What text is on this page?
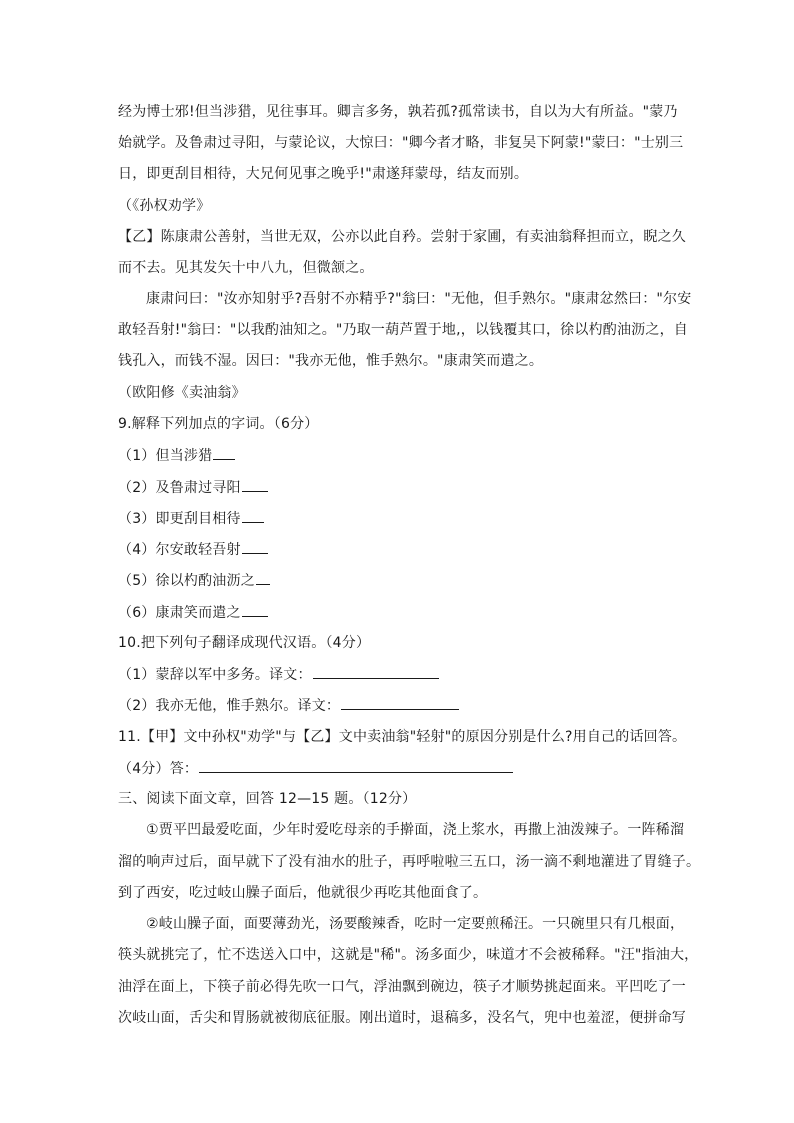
经为博士邪!但当涉猎，见往事耳。卿言多务，孰若孤?孤常读书，自以为大有所益。"蒙乃
始就学。及鲁肃过寻阳，与蒙论议，大惊曰："卿今者才略，非复吴下阿蒙!"蒙曰："士别三
日，即更刮目相待，大兄何见事之晚乎!"肃遂拜蒙母，结友而别。
（《孙权劝学》
【乙】陈康肃公善射，当世无双，公亦以此自矜。尝射于家圃，有卖油翁释担而立，睨之久
而不去。见其发矢十中八九，但微颔之。
康肃问曰："汝亦知射乎?吾射不亦精乎?"翁曰："无他，但手熟尔。"康肃忿然曰："尔安
敢轻吾射!"翁曰："以我酌油知之。"乃取一葫芦置于地,，以钱覆其口，徐以杓酌油沥之，自
钱孔入，而钱不湿。因曰："我亦无他，惟手熟尔。"康肃笑而遣之。
（欧阳修《卖油翁》
9.解释下列加点的字词。（6分）
（1）但当涉猎
（2）及鲁肃过寻阳
（3）即更刮目相待
（4）尔安敢轻吾射
（5）徐以杓酌油沥之
（6）康肃笑而遣之
10.把下列句子翻译成现代汉语。（4分）
（1）蒙辞以军中多务。译文：
（2）我亦无他，惟手熟尔。译文：
11.【甲】文中孙权"劝学"与【乙】文中卖油翁"轻射"的原因分别是什么?用自己的话回答。
（4分）答：
三、阅读下面文章，回答 12—15 题。（12分）
①贾平凹最爱吃面，少年时爱吃母亲的手擀面，浇上浆水，再撒上油泼辣子。一阵稀溜
溜的响声过后，面早就下了没有油水的肚子，再呼啦啦三五口，汤一滴不剩地灌进了胃缝子。
到了西安，吃过岐山臊子面后，他就很少再吃其他面食了。
②岐山臊子面，面要薄劲光，汤要酸辣香，吃时一定要煎稀汪。一只碗里只有几根面，
筷头就挑完了，忙不迭送入口中，这就是"稀"。汤多面少，味道才不会被稀释。"汪"指油大，
油浮在面上，下筷子前必得先吹一口气，浮油飘到碗边，筷子才顺势挑起面来。平凹吃了一
次岐山面，舌尖和胃肠就被彻底征服。刚出道时，退稿多，没名气，兜中也羞涩，便拼命写
